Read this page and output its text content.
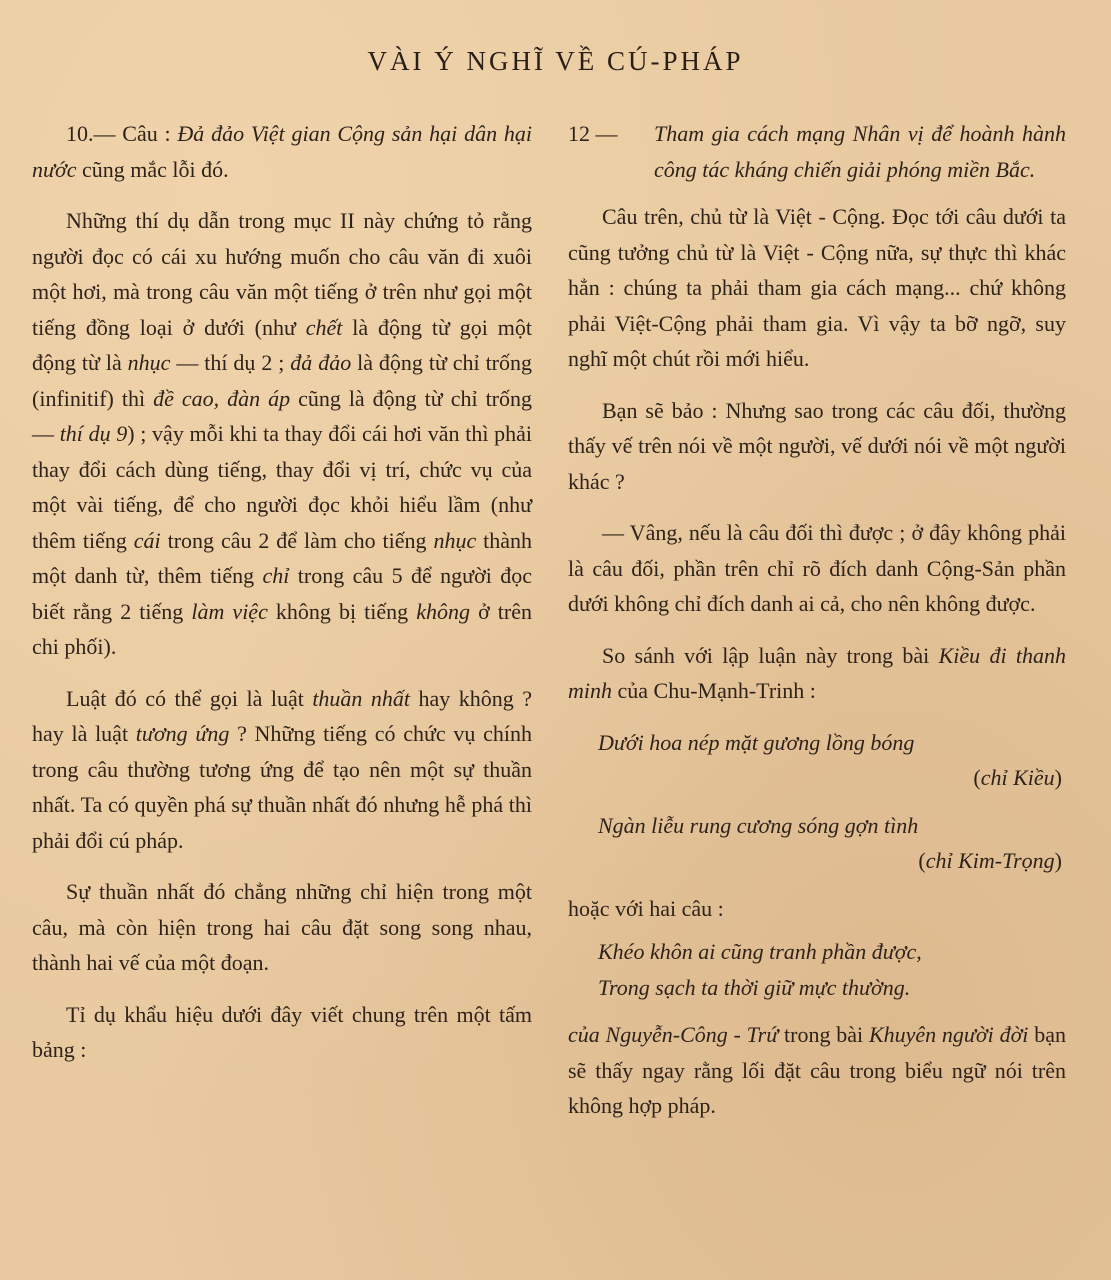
VÀI Ý NGHĨ VỀ CÚ-PHÁP

10.— Câu : Đả đảo Việt gian Cộng sản hại dân hại nước cũng mắc lỗi đó.

Những thí dụ dẫn trong mục II này chứng tỏ rằng người đọc có cái xu hướng muốn cho câu văn đi xuôi một hơi, mà trong câu văn một tiếng ở trên như gọi một tiếng đồng loại ở dưới (như chết là động từ gọi một động từ là nhục — thí dụ 2 ; đả đảo là động từ chỉ trống (infinitif) thì đề cao, đàn áp cũng là động từ chỉ trống — thí dụ 9) ; vậy mỗi khi ta thay đổi cái hơi văn thì phải thay đổi cách dùng tiếng, thay đổi vị trí, chức vụ của một vài tiếng, để cho người đọc khỏi hiểu lầm (như thêm tiếng cái trong câu 2 để làm cho tiếng nhục thành một danh từ, thêm tiếng chỉ trong câu 5 để người đọc biết rằng 2 tiếng làm việc không bị tiếng không ở trên chi phối).

Luật đó có thể gọi là luật thuần nhất hay không ? hay là luật tương ứng ? Những tiếng có chức vụ chính trong câu thường tương ứng để tạo nên một sự thuần nhất. Ta có quyền phá sự thuần nhất đó nhưng hễ phá thì phải đổi cú pháp.

Sự thuần nhất đó chẳng những chỉ hiện trong một câu, mà còn hiện trong hai câu đặt song song nhau, thành hai vế của một đoạn.

Tỉ dụ khẩu hiệu dưới đây viết chung trên một tấm bảng :

12 — Tham gia cách mạng Nhân vị để hoành hành công tác kháng chiến giải phóng miền Bắc.

Câu trên, chủ từ là Việt - Cộng. Đọc tới câu dưới ta cũng tưởng chủ từ là Việt - Cộng nữa, sự thực thì khác hẳn : chúng ta phải tham gia cách mạng... chứ không phải Việt-Cộng phải tham gia. Vì vậy ta bỡ ngỡ, suy nghĩ một chút rồi mới hiểu.

Bạn sẽ bảo : Nhưng sao trong các câu đối, thường thấy vế trên nói về một người, vế dưới nói về một người khác ?

— Vâng, nếu là câu đối thì được ; ở đây không phải là câu đối, phần trên chỉ rõ đích danh Cộng-Sản phần dưới không chỉ đích danh ai cả, cho nên không được.

So sánh với lập luận này trong bài Kiều đi thanh minh của Chu-Mạnh-Trinh :

Dưới hoa nép mặt gương lồng bóng

(chỉ Kiều)

Ngàn liễu rung cương sóng gợn tình

(chỉ Kim-Trọng)

hoặc với hai câu :

Khéo khôn ai cũng tranh phần được,

Trong sạch ta thời giữ mực thường.

của Nguyễn-Công - Trứ trong bài Khuyên người đời bạn sẽ thấy ngay rằng lối đặt câu trong biểu ngữ nói trên không hợp pháp.
